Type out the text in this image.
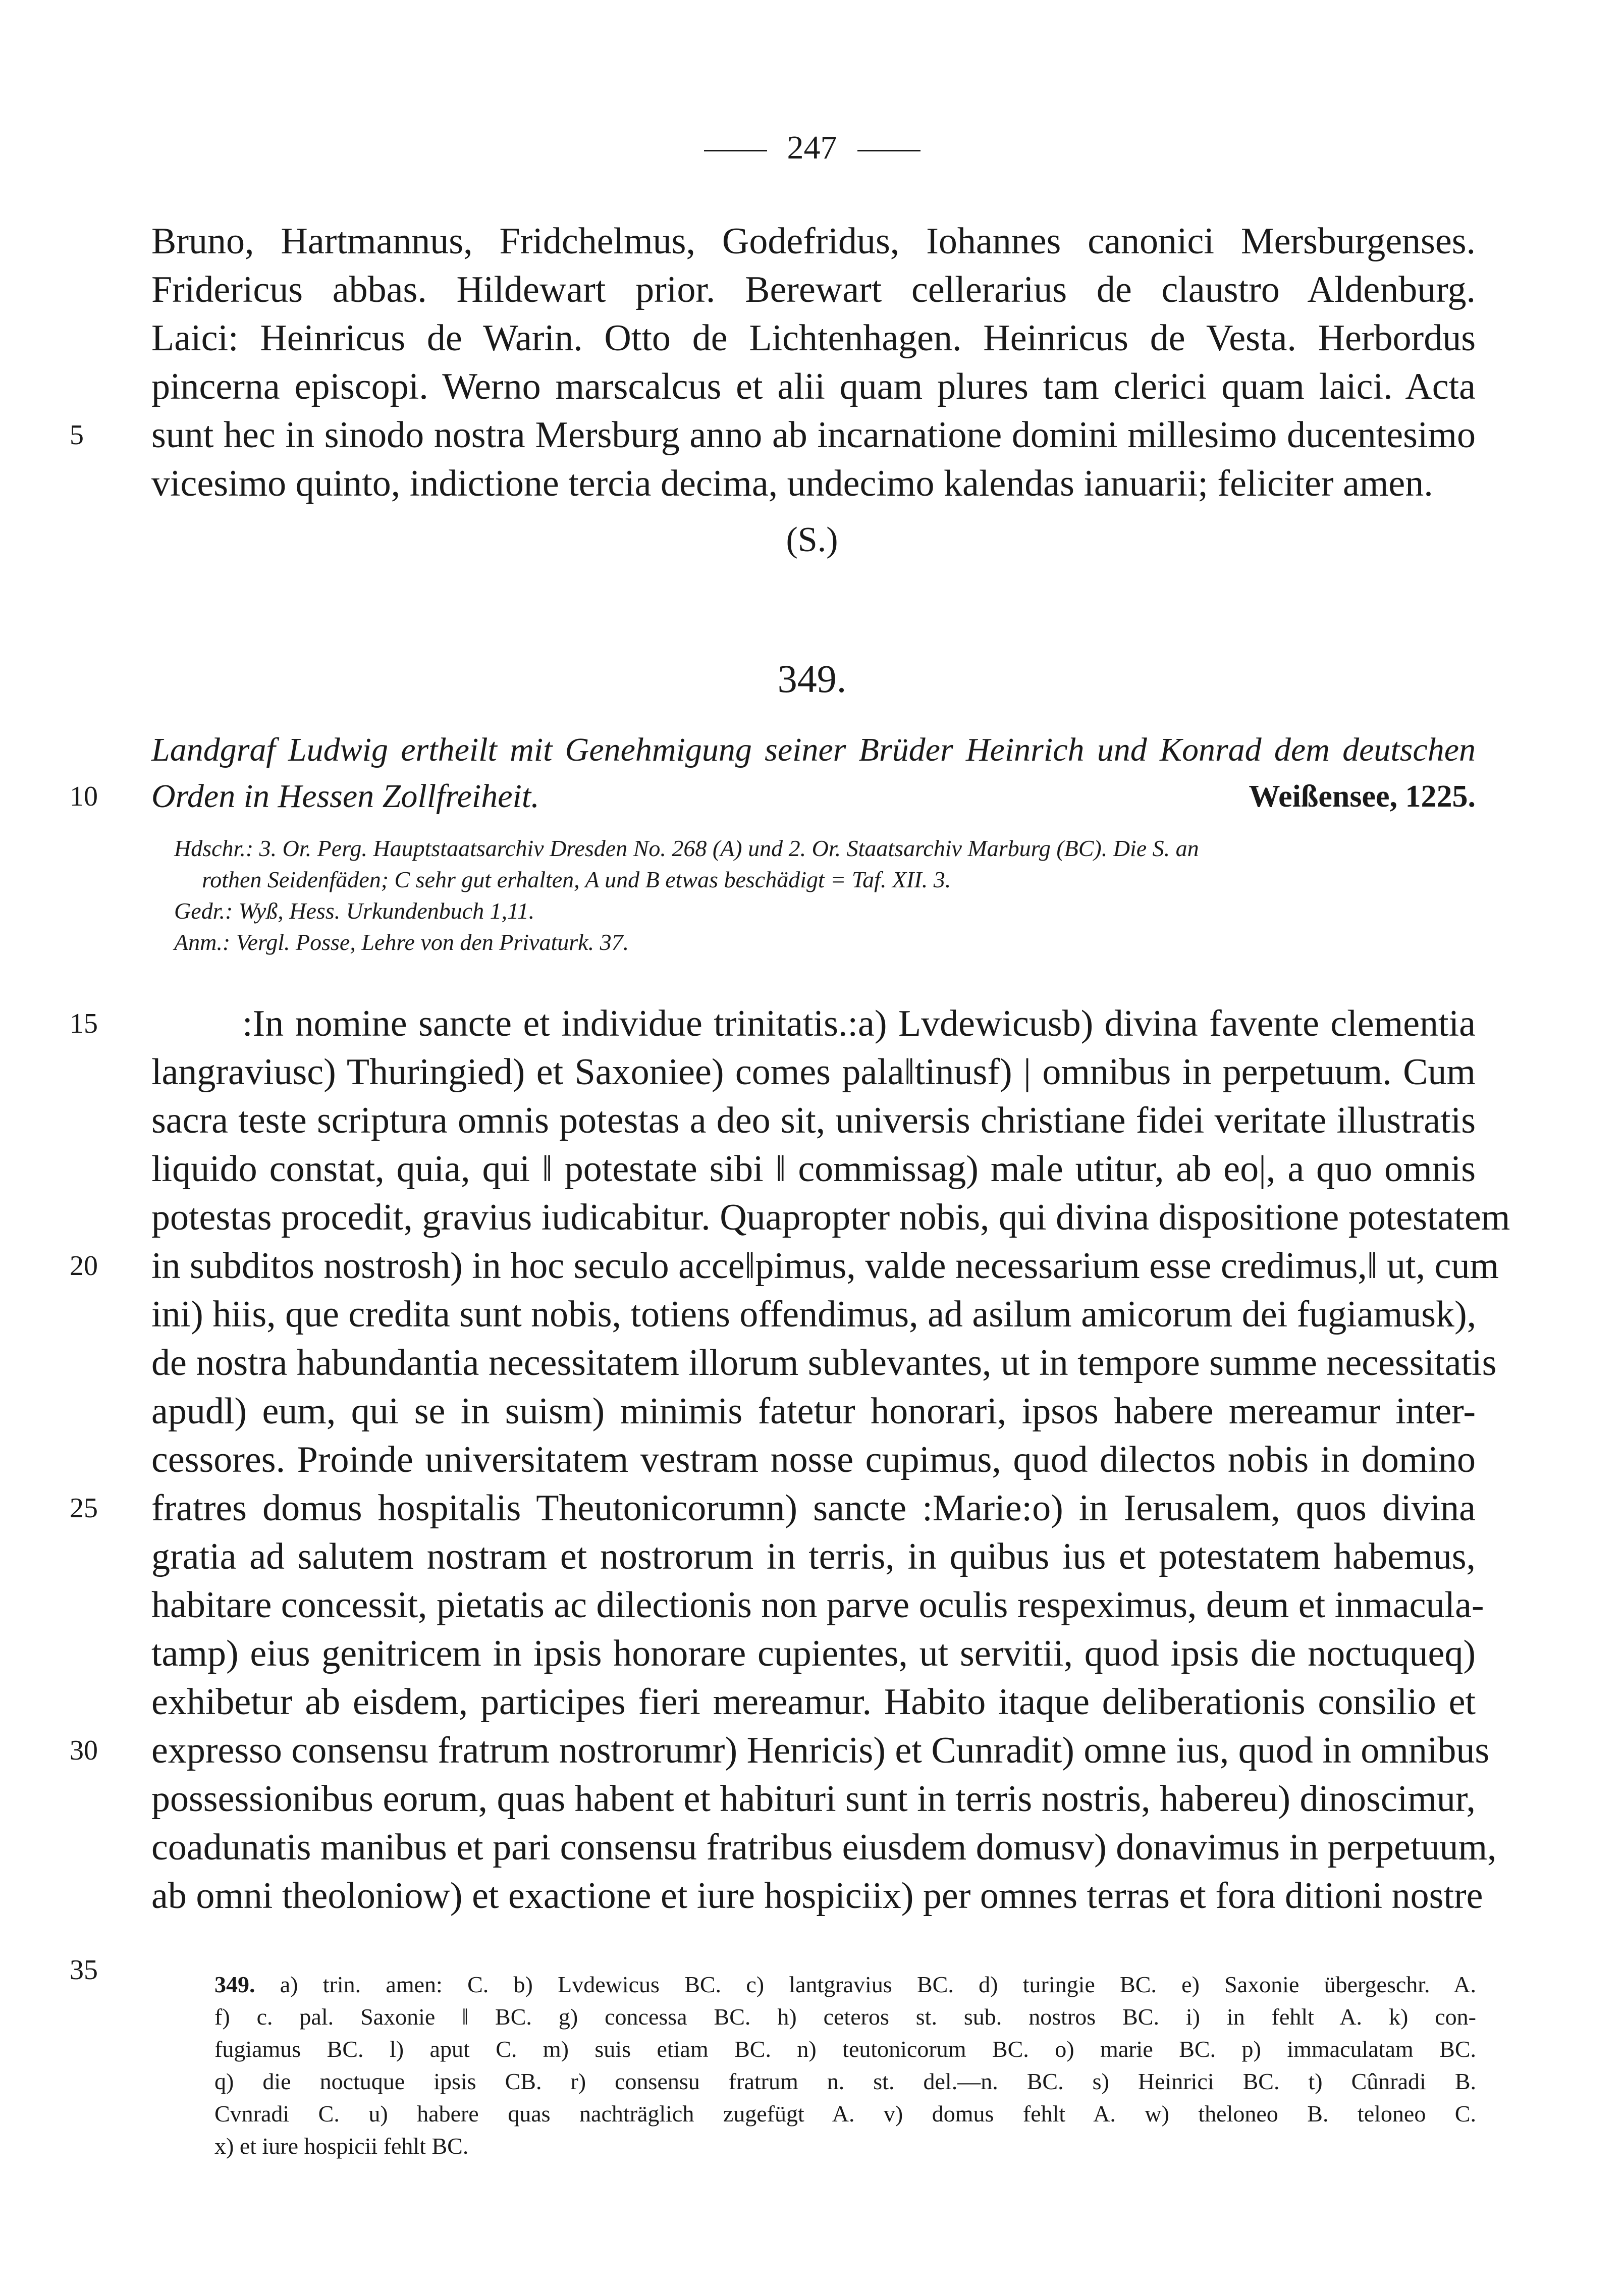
247
Bruno, Hartmannus, Fridchelmus, Godefridus, Iohannes canonici Mersburgenses.
Fridericus abbas. Hildewart prior. Berewart cellerarius de claustro Aldenburg.
Laici: Heinricus de Warin. Otto de Lichtenhagen. Heinricus de Vesta. Herbordus
pincerna episcopi. Werno marscalcus et alii quam plures tam clerici quam laici. Acta
sunt hec in sinodo nostra Mersburg anno ab incarnatione domini millesimo ducentesimo
vicesimo quinto, indictione tercia decima, undecimo kalendas ianuarii; feliciter amen.
5
(S.)
349.
Landgraf Ludwig ertheilt mit Genehmigung seiner Brüder Heinrich und Konrad dem deutschen
Orden in Hessen Zollfreiheit.
10	Weißensee, 1225.
Hdschr.: 3. Or. Perg. Hauptstaatsarchiv Dresden No. 268 (A) und 2. Or. Staatsarchiv Marburg (BC). Die S. an
rothen Seidenfäden; C sehr gut erhalten, A und B etwas beschädigt = Taf. XII. 3.
Gedr.: Wyß, Hess. Urkundenbuch 1,11.
Anm.: Vergl. Posse, Lehre von den Privaturk. 37.
:In nomine sancte et individue trinitatis.:a) Lvdewicusb) divina favente clementia
langraviusc) Thuringied) et Saxoniee) comes pala‖tinusf) | omnibus in perpetuum. Cum
sacra teste scriptura omnis potestas a deo sit, universis christiane fidei veritate illustratis
liquido constat, quia, qui ‖ potestate sibi ‖ commissag) male utitur, ab eo|, a quo omnis
potestas procedit, gravius iudicabitur. Quapropter nobis, qui divina dispositione potestatem
in subditos nostrosh) in hoc seculo acce‖pimus, valde necessarium esse credimus,‖ ut, cum
ini) hiis, que credita sunt nobis, totiens offendimus, ad asilum amicorum dei fugiamusk),
de nostra habundantia necessitatem illorum sublevantes, ut in tempore summe necessitatis
apudl) eum, qui se in suism) minimis fatetur honorari, ipsos habere mereamur inter-
cessores. Proinde universitatem vestram nosse cupimus, quod dilectos nobis in domino
fratres domus hospitalis Theutonicorumn) sancte :Marie:o) in Ierusalem, quos divina
gratia ad salutem nostram et nostrorum in terris, in quibus ius et potestatem habemus,
habitare concessit, pietatis ac dilectionis non parve oculis respeximus, deum et inmacula-
tamp) eius genitricem in ipsis honorare cupientes, ut servitii, quod ipsis die noctuqueq)
exhibetur ab eisdem, participes fieri mereamur. Habito itaque deliberationis consilio et
expresso consensu fratrum nostrorumr) Henricis) et Cunradit) omne ius, quod in omnibus
possessionibus eorum, quas habent et habituri sunt in terris nostris, habereu) dinoscimur,
coadunatis manibus et pari consensu fratribus eiusdem domusv) donavimus in perpetuum,
ab omni theoloniow) et exactione et iure hospiciix) per omnes terras et fora ditioni nostre
15
20
25
30
35	349. a) trin. amen: C. b) Lvdewicus BC. c) lantgravius BC. d) turingie BC. e) Saxonie übergeschr. A.
f) c. pal. Saxonie ‖ BC. g) concessa BC. h) ceteros st. sub. nostros BC. i) in fehlt A. k) con-
fugiamus BC. l) aput C. m) suis etiam BC. n) teutonicorum BC. o) marie BC. p) immaculatam BC.
q) die noctuque ipsis CB. r) consensu fratrum n. st. del.—n. BC. s) Heinrici BC. t) Cûnradi B.
Cvnradi C. u) habere quas nachträglich zugefügt A. v) domus fehlt A. w) theloneo B. teloneo C.
x) et iure hospicii fehlt BC.
